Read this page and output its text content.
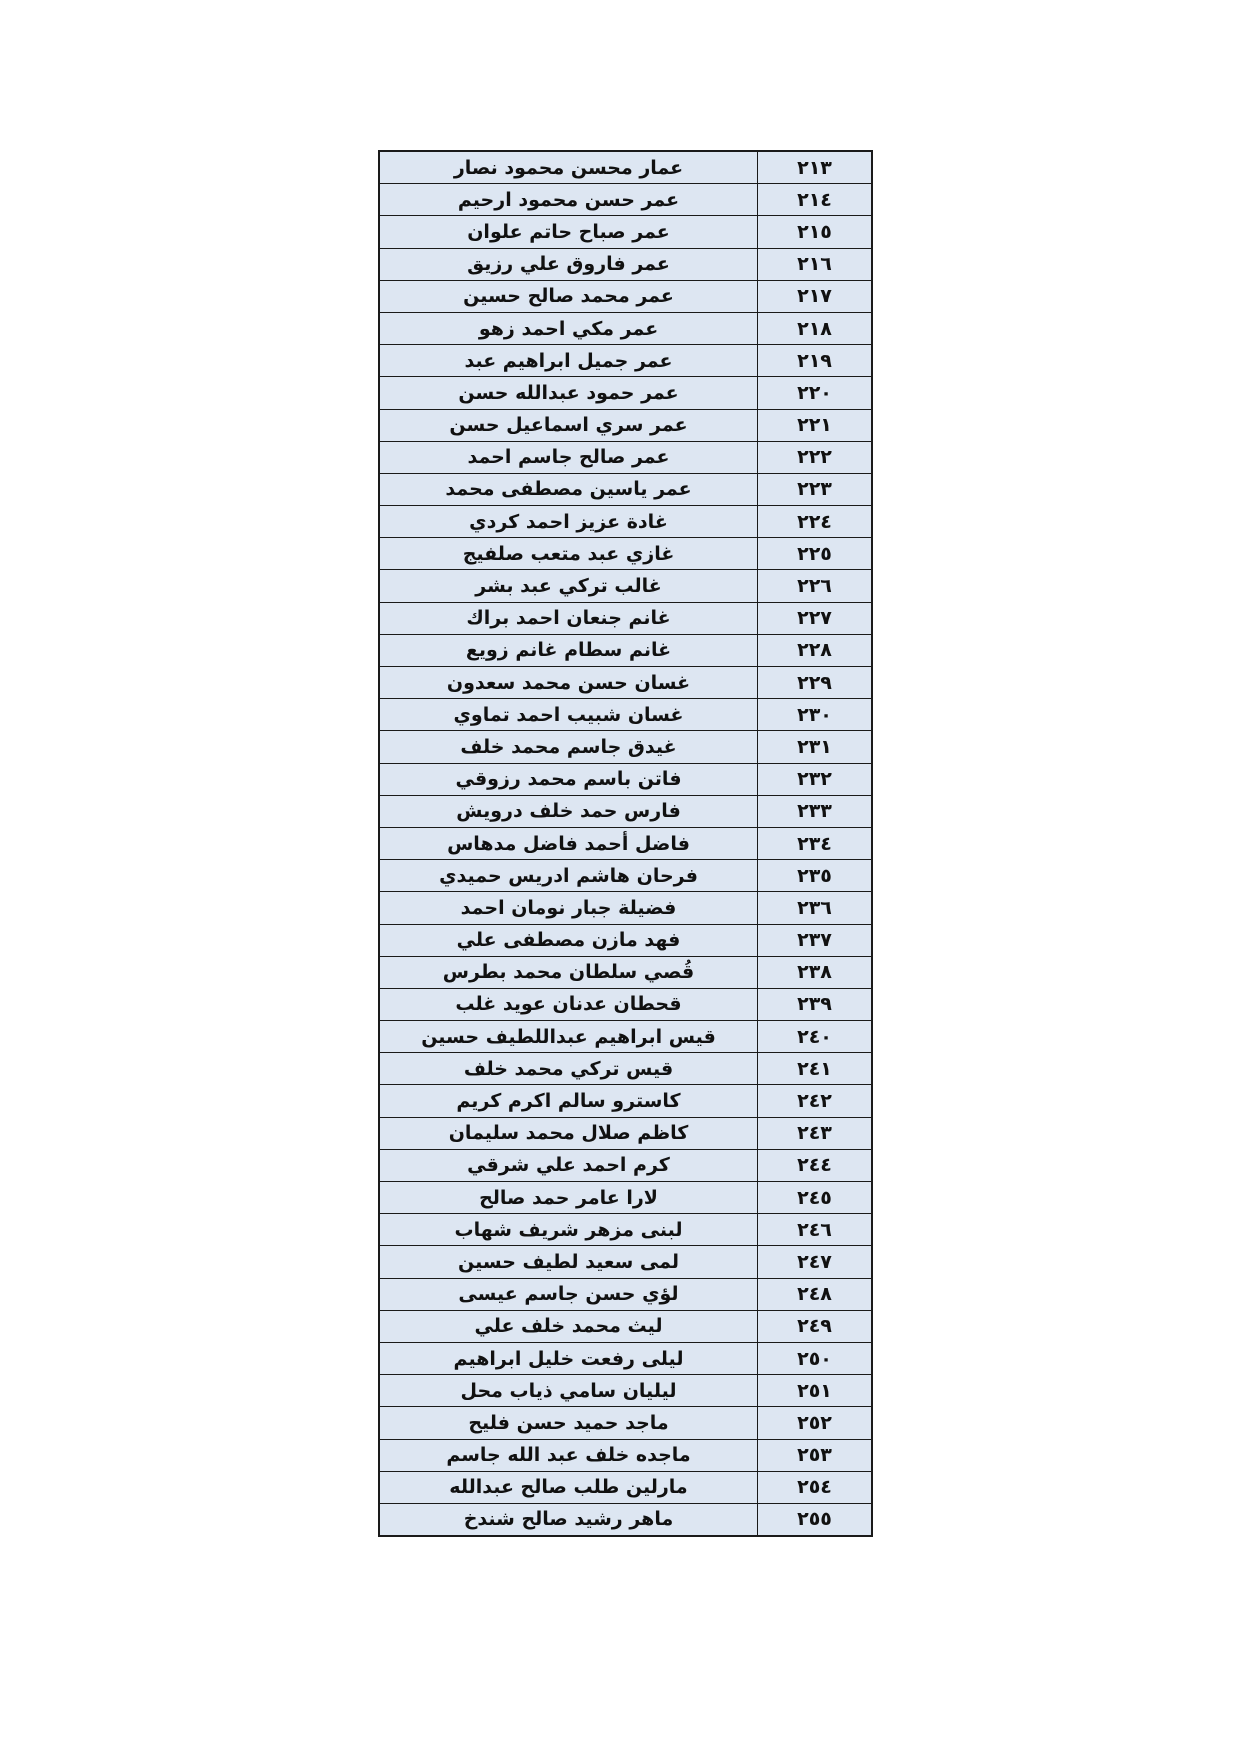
عمار محسن محمود نصار	٢١٣
عمر حسن محمود ارحيم	٢١٤
عمر صباح حاتم علوان	٢١٥
عمر فاروق علي رزيق	٢١٦
عمر محمد صالح حسين	٢١٧
عمر مكي احمد زهو	٢١٨
عمر جميل ابراهيم عبد	٢١٩
عمر حمود عبدالله حسن	٢٢٠
عمر سري اسماعيل حسن	٢٢١
عمر صالح جاسم احمد	٢٢٢
عمر ياسين مصطفى محمد	٢٢٣
غادة عزيز احمد كردي	٢٢٤
غازي عبد متعب صلفيج	٢٢٥
غالب تركي عبد بشر	٢٢٦
غانم جنعان احمد براك	٢٢٧
غانم سطام غانم زويع	٢٢٨
غسان حسن محمد سعدون	٢٢٩
غسان شبيب احمد تماوي	٢٣٠
غيدق جاسم محمد خلف	٢٣١
فاتن باسم محمد رزوقي	٢٣٢
فارس حمد خلف درويش	٢٣٣
فاضل أحمد فاضل مدهاس	٢٣٤
فرحان هاشم ادريس حميدي	٢٣٥
فضيلة جبار نومان احمد	٢٣٦
فهد مازن مصطفى علي	٢٣٧
قُصي سلطان محمد بطرس	٢٣٨
قحطان عدنان عويد غلب	٢٣٩
قيس ابراهيم عبداللطيف حسين	٢٤٠
قيس تركي محمد خلف	٢٤١
كاسترو سالم اكرم كريم	٢٤٢
كاظم صلال محمد سليمان	٢٤٣
كرم احمد علي شرقي	٢٤٤
لارا عامر حمد صالح	٢٤٥
لبنى مزهر شريف شهاب	٢٤٦
لمى سعيد لطيف حسين	٢٤٧
لؤي حسن جاسم عيسى	٢٤٨
ليث محمد خلف علي	٢٤٩
ليلى رفعت خليل ابراهيم	٢٥٠
ليليان سامي ذياب محل	٢٥١
ماجد حميد حسن فليح	٢٥٢
ماجده خلف عبد الله جاسم	٢٥٣
مارلين طلب صالح عبدالله	٢٥٤
ماهر رشيد صالح شندخ	٢٥٥
